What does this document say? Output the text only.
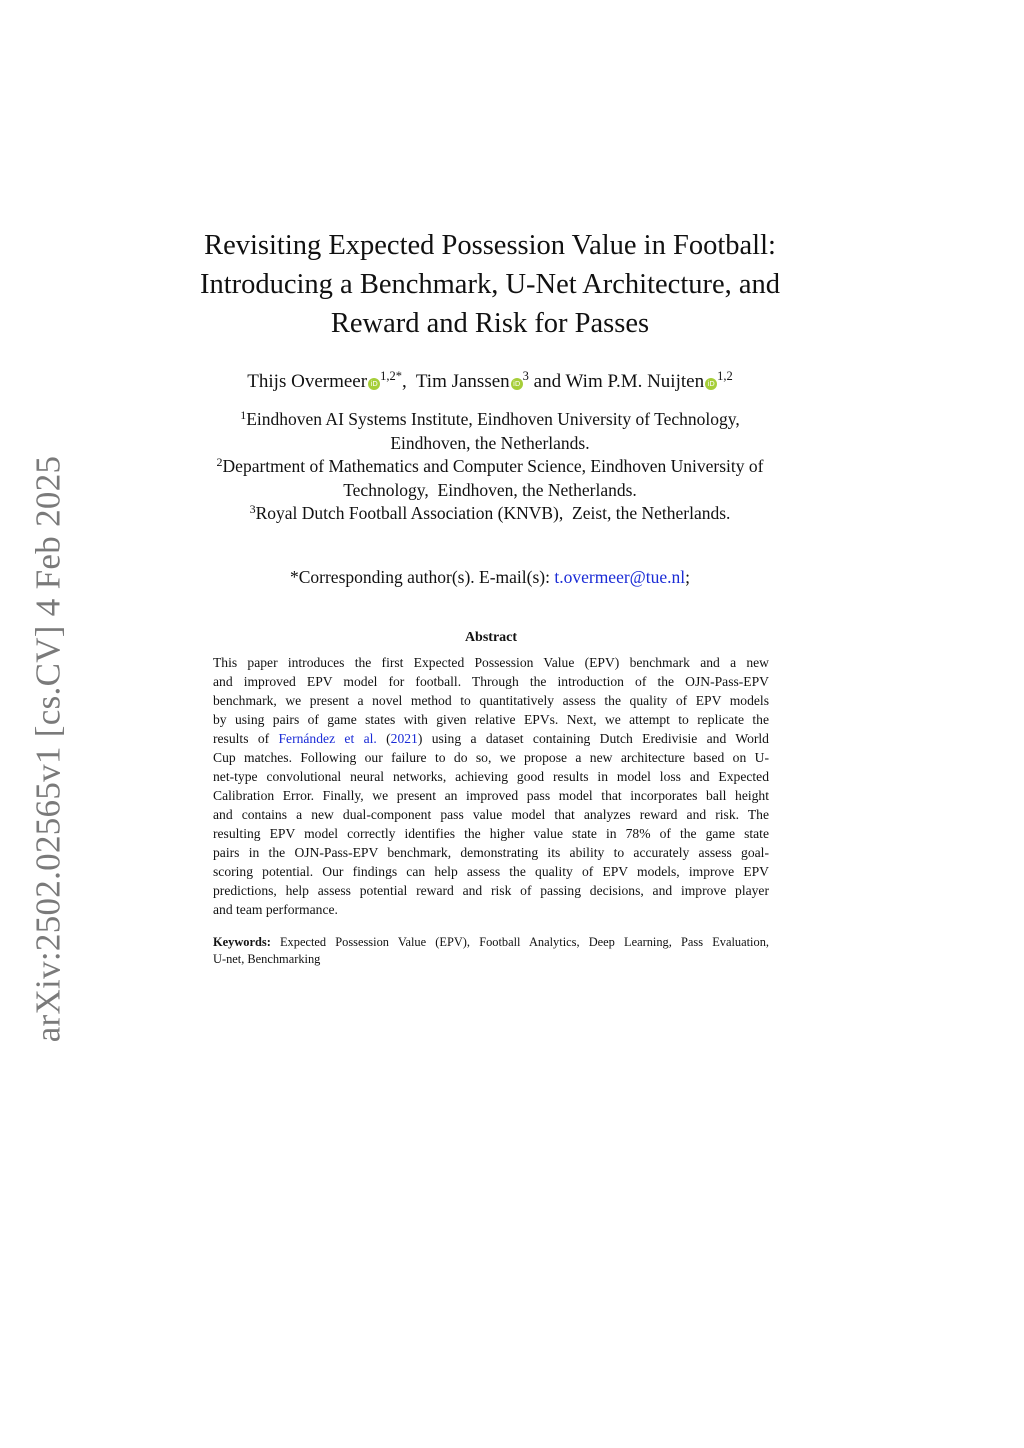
arXiv:2502.02565v1 [cs.CV] 4 Feb 2025
Revisiting Expected Possession Value in Football:
Introducing a Benchmark, U-Net Architecture, and
Reward and Risk for Passes
Thijs Overmeer $iD^{1,2*}$,  Tim Janssen $iD^3$ and Wim P.M. Nuijten iD$^{1,2}$
$^1$Eindhoven AI Systems Institute, Eindhoven University of Technology,
Eindhoven, the Netherlands.
$^2$Department of Mathematics and Computer Science, Eindhoven University of
Technology,  Eindhoven, the Netherlands.
$^3$Royal Dutch Football Association (KNVB),  Zeist, the Netherlands.
*Corresponding author(s). E-mail(s): t.overmeer@tue.nl;
Abstract
This paper introduces the first Expected Possession Value (EPV) benchmark and a new
and improved EPV model for football. Through the introduction of the OJN-Pass-EPV
benchmark, we present a novel method to quantitatively assess the quality of EPV models
by using pairs of game states with given relative EPVs. Next, we attempt to replicate the
results of Fernández et al. (2021) using a dataset containing Dutch Eredivisie and World
Cup matches. Following our failure to do so, we propose a new architecture based on U-
net-type convolutional neural networks, achieving good results in model loss and Expected
Calibration Error. Finally, we present an improved pass model that incorporates ball height
and contains a new dual-component pass value model that analyzes reward and risk. The
resulting EPV model correctly identifies the higher value state in 78% of the game state
pairs in the OJN-Pass-EPV benchmark, demonstrating its ability to accurately assess goal-
scoring potential. Our findings can help assess the quality of EPV models, improve EPV
predictions, help assess potential reward and risk of passing decisions, and improve player
and team performance.
Keywords: Expected Possession Value (EPV), Football Analytics, Deep Learning, Pass Evaluation,
U-net, Benchmarking
